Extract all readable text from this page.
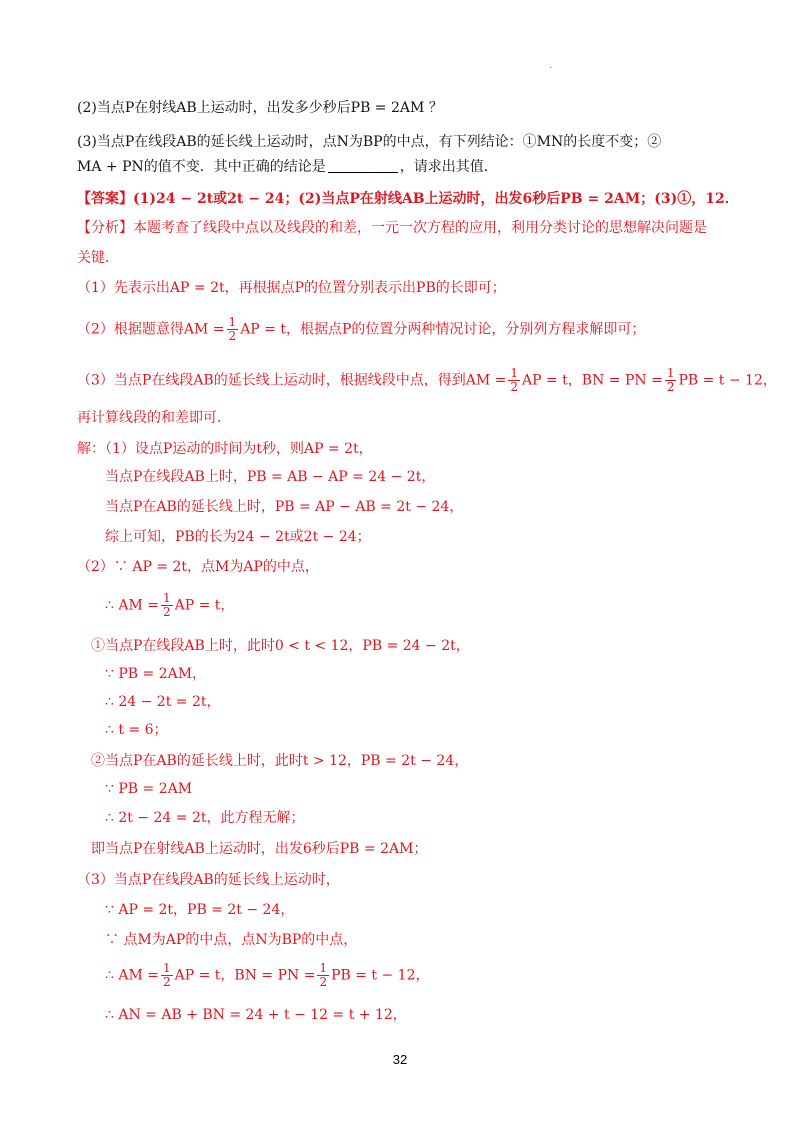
.
(2)当点P在射线AB上运动时，出发多少秒后PB = 2AM ？
(3)当点P在线段AB的延长线上运动时，点N为BP的中点，有下列结论：①MN的长度不变；②
MA + PN的值不变．其中正确的结论是	，请求出其值．
【答案】(1)24 − 2t或2t − 24；(2)当点P在射线AB上运动时，出发6秒后PB = 2AM；(3)①，12．
【分析】本题考查了线段中点以及线段的和差，一元一次方程的应用，利用分类讨论的思想解决问题是
关键．
（1）先表示出AP = 2t，再根据点P的位置分别表示出PB的长即可；
（2）根据题意得AM = $\frac{1}{2}$ AP = t，根据点P的位置分两种情况讨论，分别列方程求解即可；
（3）当点P在线段AB的延长线上运动时，根据线段中点，得到AM = $\frac{1}{2}$ AP = t，BN = PN = $\frac{1}{2}$ PB = t − 12，
再计算线段的和差即可．
解：（1）设点P运动的时间为t秒，则AP = 2t，
当点P在线段AB上时，PB = AB − AP = 24 − 2t，
当点P在AB的延长线上时，PB = AP − AB = 2t − 24，
综上可知，PB的长为24 − 2t或2t − 24；
（2）∵ AP = 2t，点M为AP的中点，
∴ AM = $\frac{1}{2}$ AP = t，
①当点P在线段AB上时，此时0 < t < 12，PB = 24 − 2t，
∵ PB = 2AM，
∴ 24 − 2t = 2t，
∴ t = 6；
②当点P在AB的延长线上时，此时t > 12，PB = 2t − 24，
∵ PB = 2AM
∴ 2t − 24 = 2t，此方程无解；
即当点P在射线AB上运动时，出发6秒后PB = 2AM；
（3）当点P在线段AB的延长线上运动时，
∵ AP = 2t，PB = 2t − 24，
∵ 点M为AP的中点，点N为BP的中点，
∴ AM = $\frac{1}{2}$ AP = t，BN = PN = $\frac{1}{2}$ PB = t − 12，
∴ AN = AB + BN = 24 + t − 12 = t + 12，
32
